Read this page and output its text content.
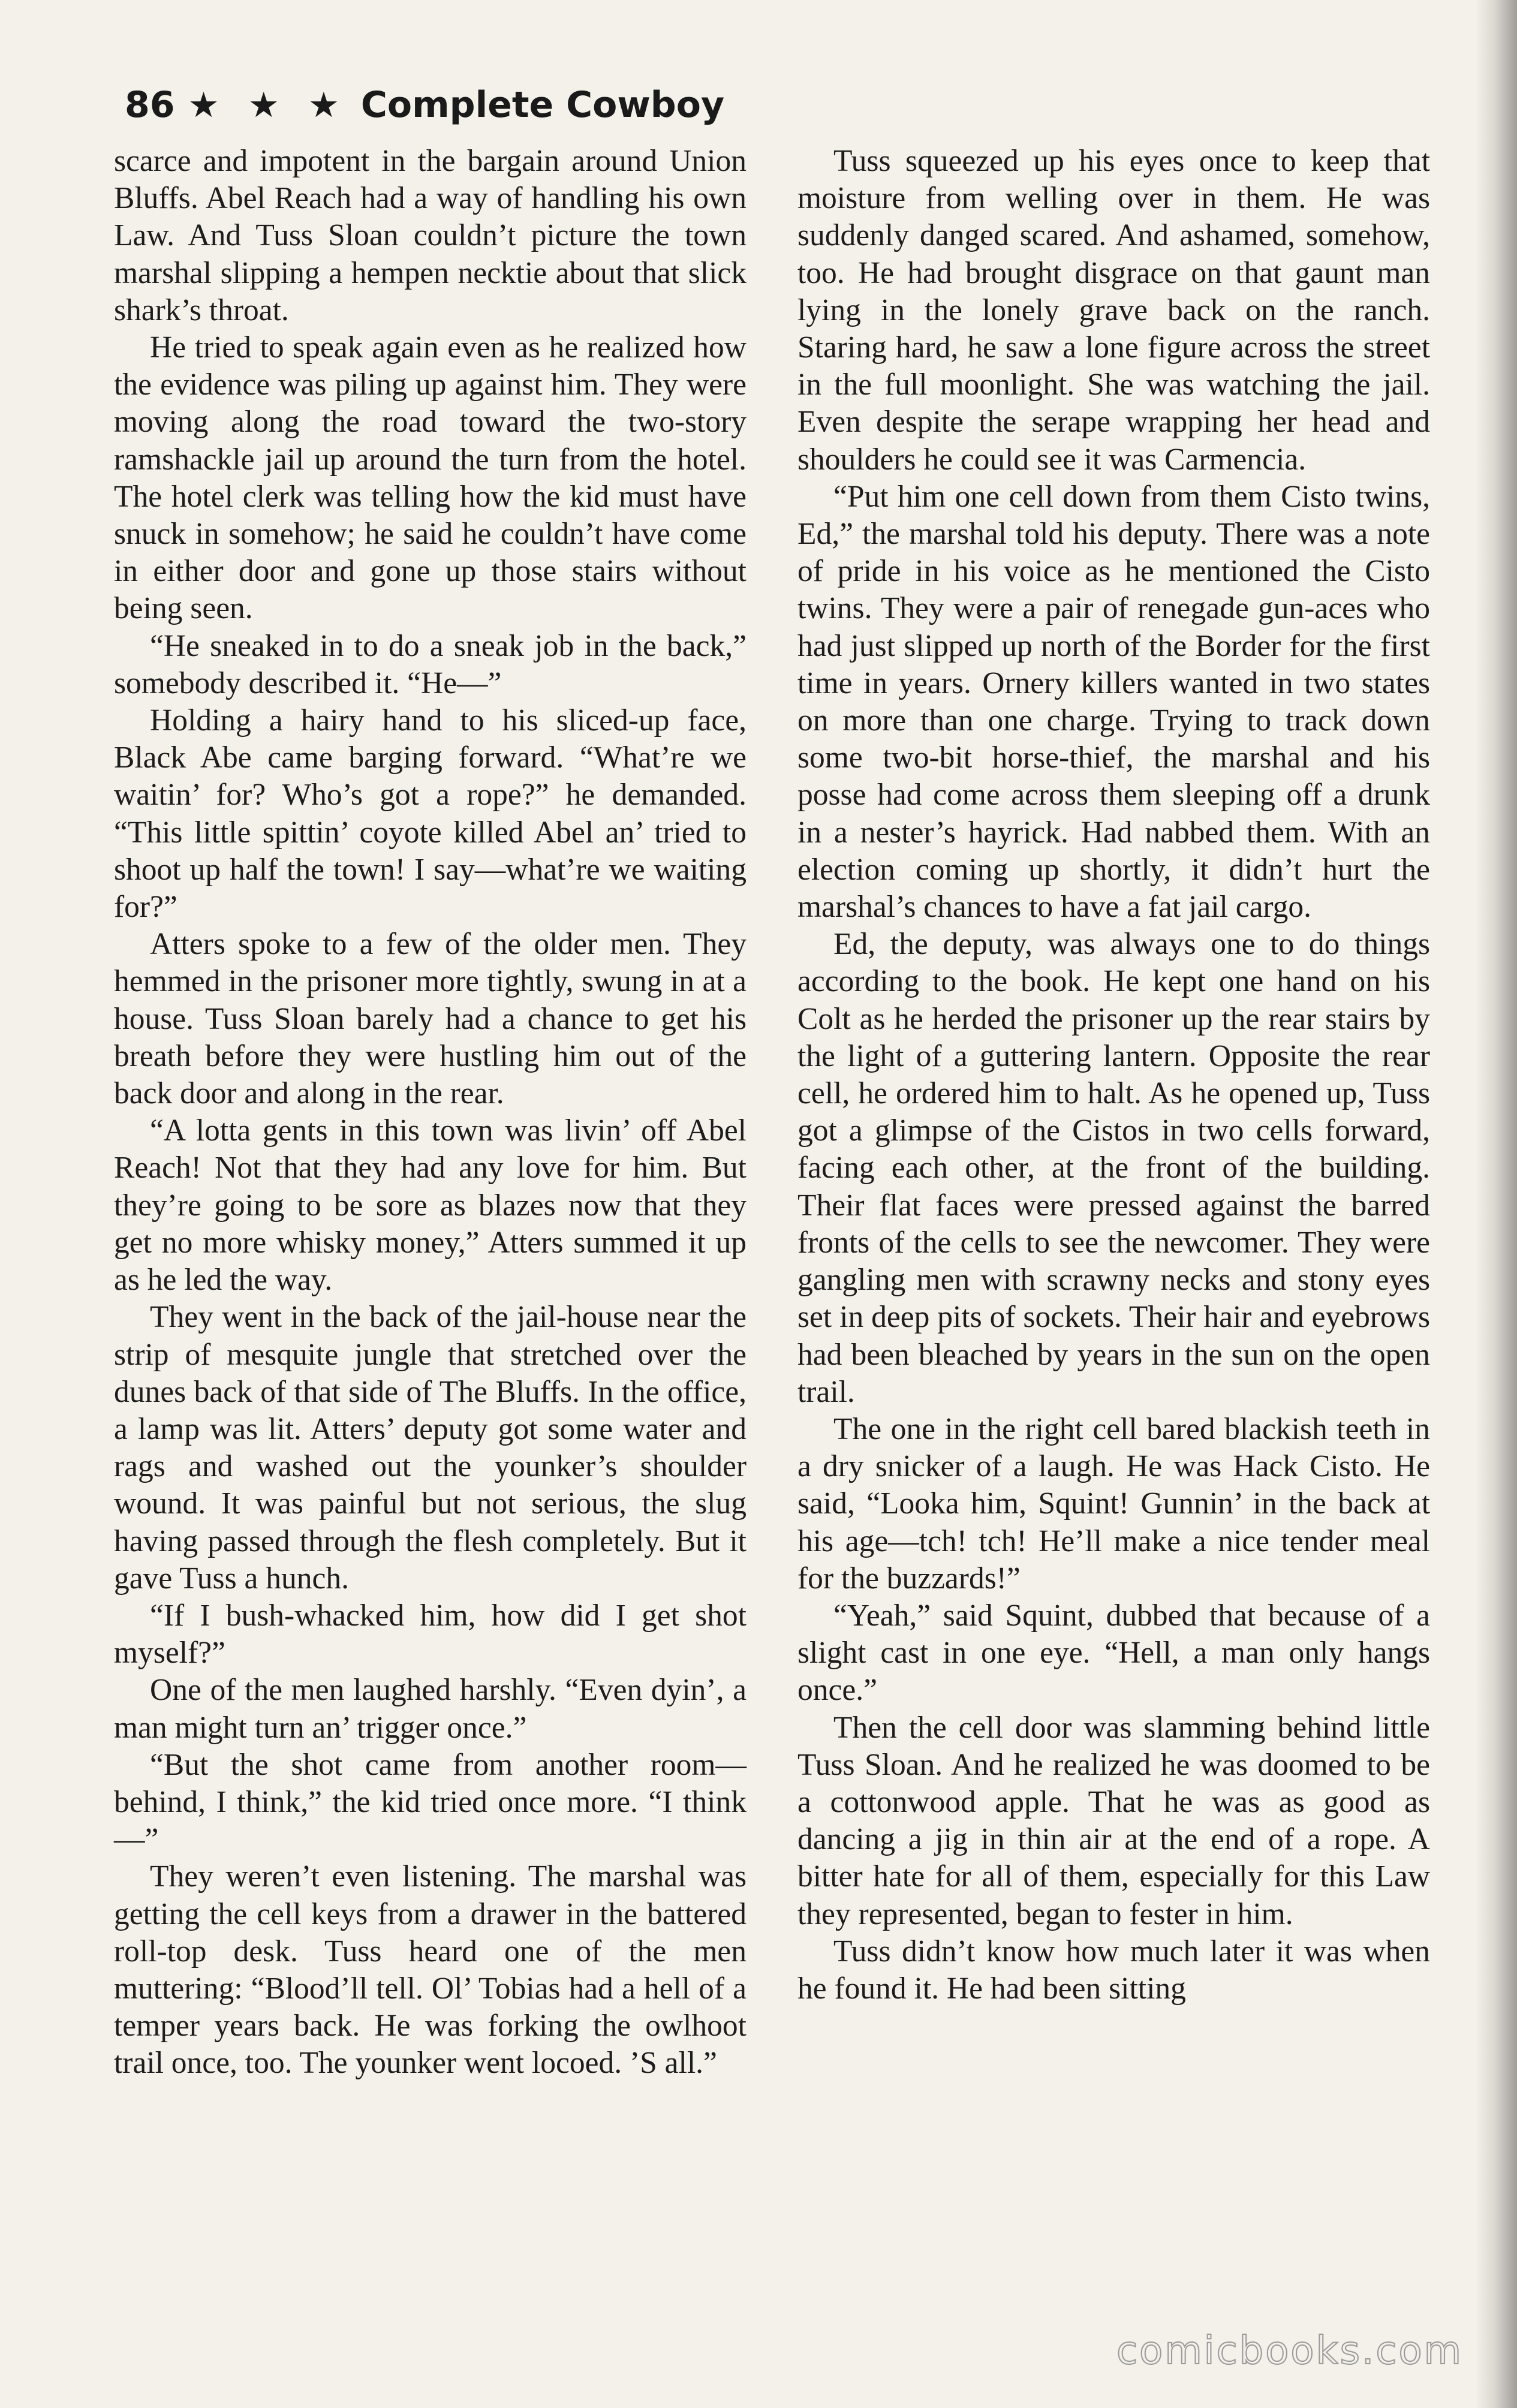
86 ★ ★ ★ Complete Cowboy

scarce and impotent in the bargain around Union Bluffs. Abel Reach had a way of handling his own Law. And Tuss Sloan couldn’t picture the town marshal slipping a hempen necktie about that slick shark’s throat.

He tried to speak again even as he realized how the evidence was piling up against him. They were moving along the road toward the two-story ramshackle jail up around the turn from the hotel. The hotel clerk was telling how the kid must have snuck in somehow; he said he couldn’t have come in either door and gone up those stairs without being seen.

“He sneaked in to do a sneak job in the back,” somebody described it. “He—”

Holding a hairy hand to his sliced-up face, Black Abe came barging forward. “What’re we waitin’ for? Who’s got a rope?” he demanded. “This little spittin’ coyote killed Abel an’ tried to shoot up half the town! I say—what’re we waiting for?”

Atters spoke to a few of the older men. They hemmed in the prisoner more tightly, swung in at a house. Tuss Sloan barely had a chance to get his breath before they were hustling him out of the back door and along in the rear.

“A lotta gents in this town was livin’ off Abel Reach! Not that they had any love for him. But they’re going to be sore as blazes now that they get no more whisky money,” Atters summed it up as he led the way.

They went in the back of the jail-house near the strip of mesquite jungle that stretched over the dunes back of that side of The Bluffs. In the office, a lamp was lit. Atters’ deputy got some water and rags and washed out the younker’s shoulder wound. It was painful but not serious, the slug having passed through the flesh completely. But it gave Tuss a hunch.

“If I bush-whacked him, how did I get shot myself?”

One of the men laughed harshly. “Even dyin’, a man might turn an’ trigger once.”

“But the shot came from another room—behind, I think,” the kid tried once more. “I think—”

They weren’t even listening. The marshal was getting the cell keys from a drawer in the battered roll-top desk. Tuss heard one of the men muttering: “Blood’ll tell. Ol’ Tobias had a hell of a temper years back. He was forking the owlhoot trail once, too. The younker went locoed. ’S all.”

Tuss squeezed up his eyes once to keep that moisture from welling over in them. He was suddenly danged scared. And ashamed, somehow, too. He had brought disgrace on that gaunt man lying in the lonely grave back on the ranch. Staring hard, he saw a lone figure across the street in the full moonlight. She was watching the jail. Even despite the serape wrapping her head and shoulders he could see it was Carmencia.

“Put him one cell down from them Cisto twins, Ed,” the marshal told his deputy. There was a note of pride in his voice as he mentioned the Cisto twins. They were a pair of renegade gun-aces who had just slipped up north of the Border for the first time in years. Ornery killers wanted in two states on more than one charge. Trying to track down some two-bit horse-thief, the marshal and his posse had come across them sleeping off a drunk in a nester’s hayrick. Had nabbed them. With an election coming up shortly, it didn’t hurt the marshal’s chances to have a fat jail cargo.

Ed, the deputy, was always one to do things according to the book. He kept one hand on his Colt as he herded the prisoner up the rear stairs by the light of a guttering lantern. Opposite the rear cell, he ordered him to halt. As he opened up, Tuss got a glimpse of the Cistos in two cells forward, facing each other, at the front of the building. Their flat faces were pressed against the barred fronts of the cells to see the newcomer. They were gangling men with scrawny necks and stony eyes set in deep pits of sockets. Their hair and eyebrows had been bleached by years in the sun on the open trail.

The one in the right cell bared blackish teeth in a dry snicker of a laugh. He was Hack Cisto. He said, “Looka him, Squint! Gunnin’ in the back at his age—tch! tch! He’ll make a nice tender meal for the buzzards!”

“Yeah,” said Squint, dubbed that because of a slight cast in one eye. “Hell, a man only hangs once.”

Then the cell door was slamming behind little Tuss Sloan. And he realized he was doomed to be a cottonwood apple. That he was as good as dancing a jig in thin air at the end of a rope. A bitter hate for all of them, especially for this Law they represented, began to fester in him.

Tuss didn’t know how much later it was when he found it. He had been sitting

comicbooks.com
